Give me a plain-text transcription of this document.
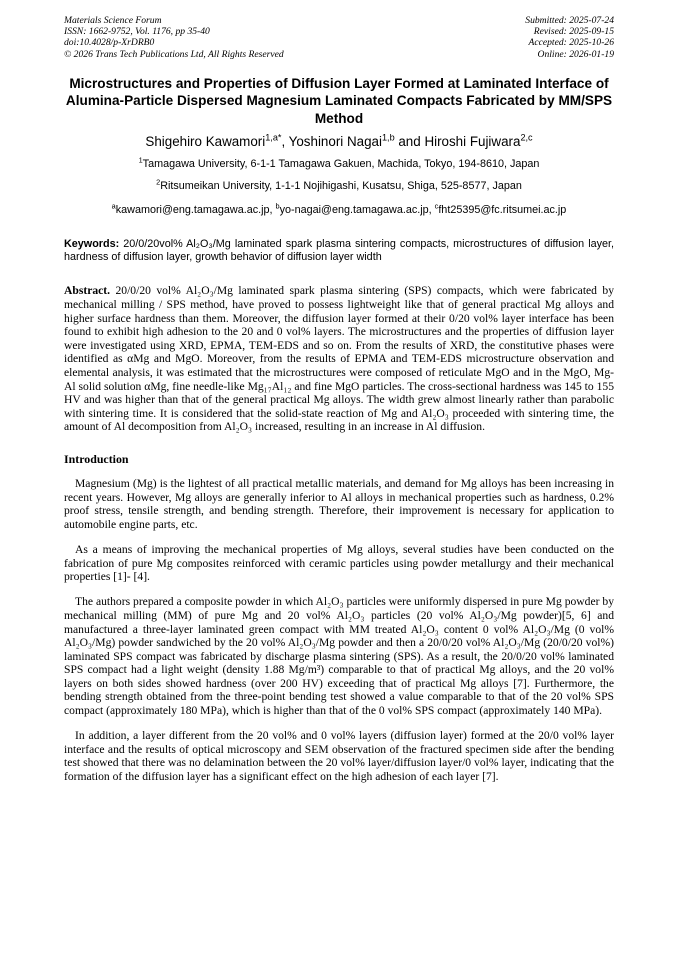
Materials Science Forum
ISSN: 1662-9752, Vol. 1176, pp 35-40
doi:10.4028/p-XrDRB0
© 2026 Trans Tech Publications Ltd, All Rights Reserved
Submitted: 2025-07-24
Revised: 2025-09-15
Accepted: 2025-10-26
Online: 2026-01-19
Microstructures and Properties of Diffusion Layer Formed at Laminated Interface of Alumina-Particle Dispersed Magnesium Laminated Compacts Fabricated by MM/SPS Method
Shigehiro Kawamori$^{1,a*}$, Yoshinori Nagai$^{1,b}$ and Hiroshi Fujiwara$^{2,c}$
$^1$Tamagawa University, 6-1-1 Tamagawa Gakuen, Machida, Tokyo, 194-8610, Japan
$^2$Ritsumeikan University, 1-1-1 Nojihigashi, Kusatsu, Shiga, 525-8577, Japan
$^a$kawamori@eng.tamagawa.ac.jp, $^b$yo-nagai@eng.tamagawa.ac.jp, $^c$fht25395@fc.ritsumei.ac.jp
Keywords: 20/0/20vol% Al₂O₃/Mg laminated spark plasma sintering compacts, microstructures of diffusion layer, hardness of diffusion layer, growth behavior of diffusion layer width
Abstract. 20/0/20 vol% Al₂O₃/Mg laminated spark plasma sintering (SPS) compacts, which were fabricated by mechanical milling / SPS method, have proved to possess lightweight like that of general practical Mg alloys and higher surface hardness than them. Moreover, the diffusion layer formed at their 0/20 vol% layer interface has been found to exhibit high adhesion to the 20 and 0 vol% layers. The microstructures and the properties of diffusion layer were investigated using XRD, EPMA, TEM-EDS and so on. From the results of XRD, the constitutive phases were identified as αMg and MgO. Moreover, from the results of EPMA and TEM-EDS microstructure observation and elemental analysis, it was estimated that the microstructures were composed of reticulate MgO and in the MgO, Mg-Al solid solution αMg, fine needle-like Mg₁₇Al₁₂ and fine MgO particles. The cross-sectional hardness was 145 to 155 HV and was higher than that of the general practical Mg alloys. The width grew almost linearly rather than parabolic with sintering time. It is considered that the solid-state reaction of Mg and Al₂O₃ proceeded with sintering time, the amount of Al decomposition from Al₂O₃ increased, resulting in an increase in Al diffusion.
Introduction

Magnesium (Mg) is the lightest of all practical metallic materials, and demand for Mg alloys has been increasing in recent years. However, Mg alloys are generally inferior to Al alloys in mechanical properties such as hardness, 0.2% proof stress, tensile strength, and bending strength. Therefore, their improvement is necessary for application to automobile engine parts, etc.

As a means of improving the mechanical properties of Mg alloys, several studies have been conducted on the fabrication of pure Mg composites reinforced with ceramic particles using powder metallurgy and their mechanical properties [1]- [4].

The authors prepared a composite powder in which Al₂O₃ particles were uniformly dispersed in pure Mg powder by mechanical milling (MM) of pure Mg and 20 vol% Al₂O₃ particles (20 vol% Al₂O₃/Mg powder)[5, 6] and manufactured a three-layer laminated green compact with MM treated Al₂O₃ content 0 vol% Al₂O₃/Mg (0 vol% Al₂O₃/Mg) powder sandwiched by the 20 vol% Al₂O₃/Mg powder and then a 20/0/20 vol% Al₂O₃/Mg (20/0/20 vol%) laminated SPS compact was fabricated by discharge plasma sintering (SPS). As a result, the 20/0/20 vol% laminated SPS compact had a light weight (density 1.88 Mg/m³) comparable to that of practical Mg alloys, and the 20 vol% layers on both sides showed hardness (over 200 HV) exceeding that of practical Mg alloys [7]. Furthermore, the bending strength obtained from the three-point bending test showed a value comparable to that of the 20 vol% SPS compact (approximately 180 MPa), which is higher than that of the 0 vol% SPS compact (approximately 140 MPa).

In addition, a layer different from the 20 vol% and 0 vol% layers (diffusion layer) formed at the 20/0 vol% layer interface and the results of optical microscopy and SEM observation of the fractured specimen side after the bending test showed that there was no delamination between the 20 vol% layer/diffusion layer/0 vol% layer, indicating that the formation of the diffusion layer has a significant effect on the high adhesion of each layer [7].
